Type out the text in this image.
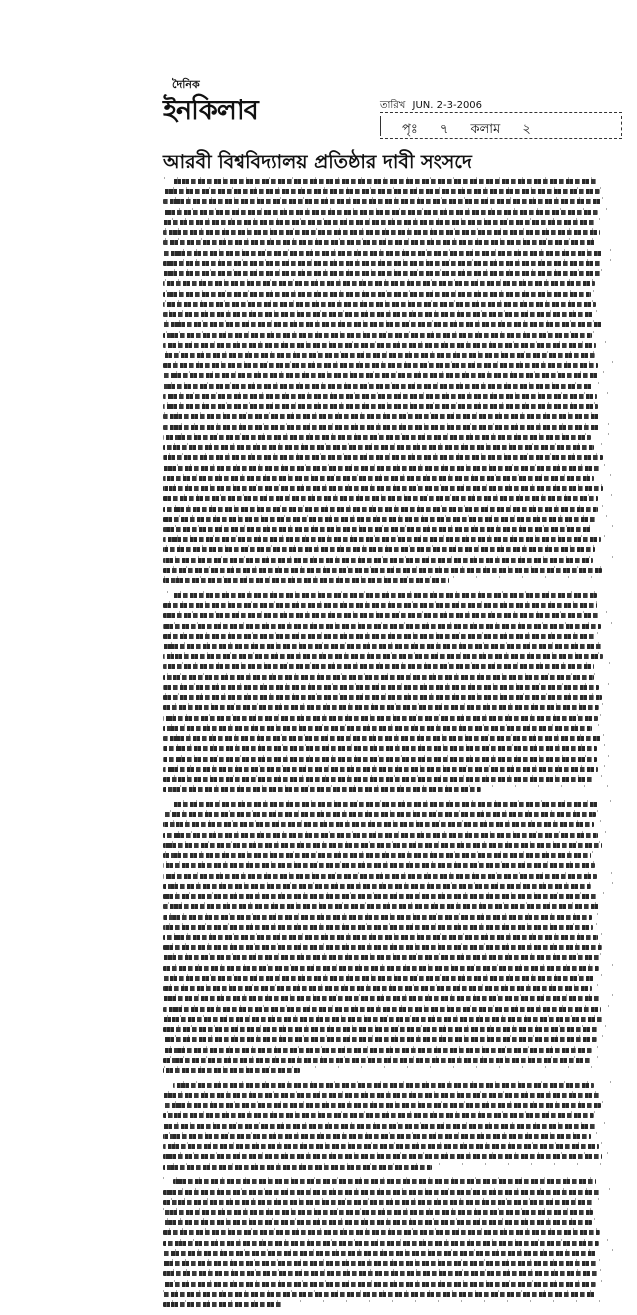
দৈনিক
ইনকিলাব	তারিখ JUN. 2-3-2006
পৃঃ ৭ কলাম ২
আরবী বিশ্ববিদ্যালয় প্রতিষ্ঠার দাবী সংসদে
